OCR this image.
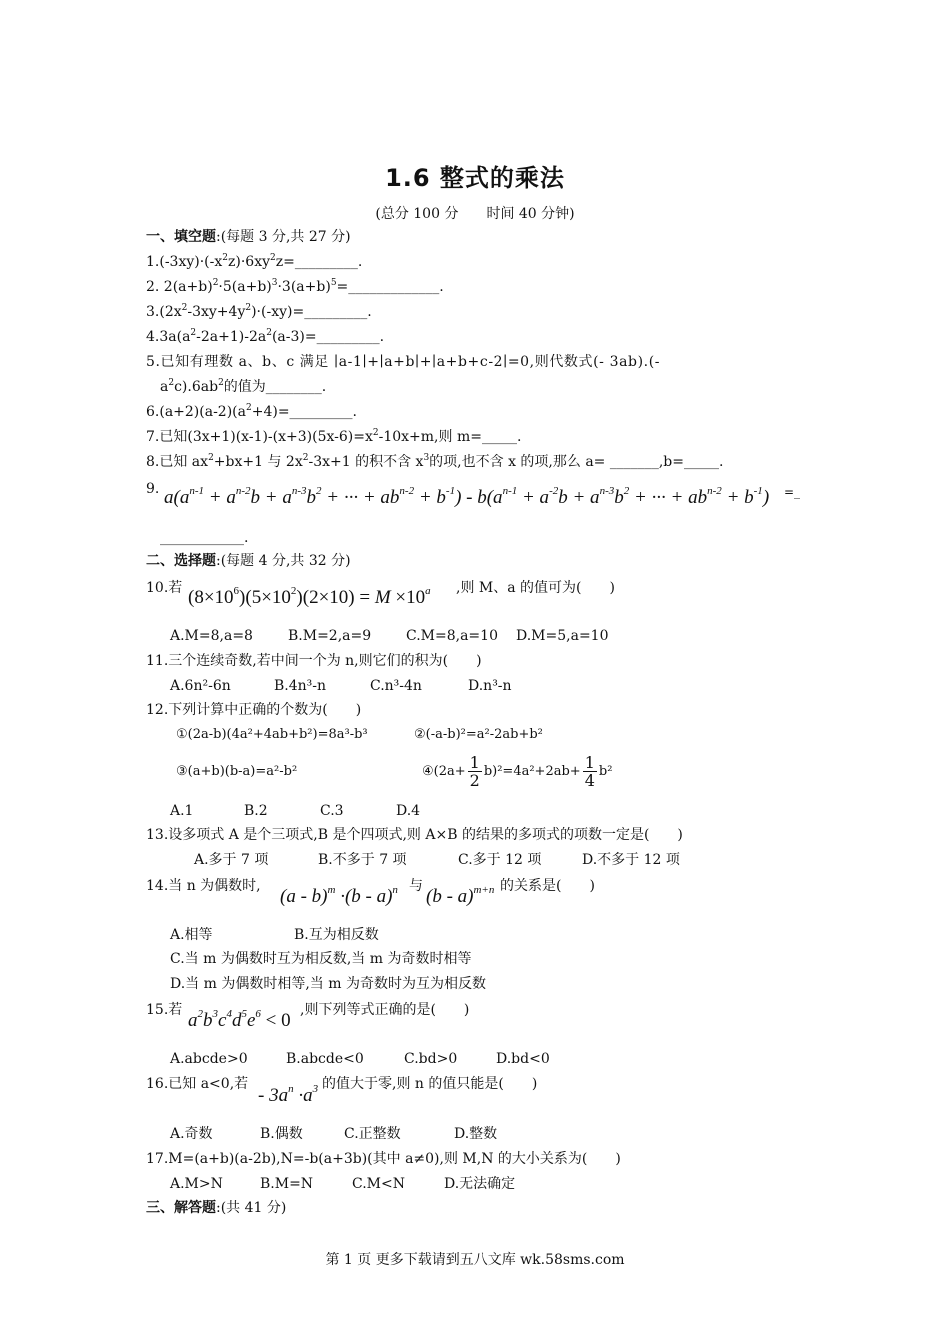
1.6 整式的乘法
(总分 100 分　　时间 40 分钟)
一、填空题:(每题 3 分,共 27 分)
$1.(-3xy)\cdot(-x^2z)\cdot 6xy^2z=\_\_\_\_\_\_\_\_\_$.
2. $2(a+b)^2\cdot 5(a+b)^3\cdot 3(a+b)^5=\_\_\_\_\_\_\_\_\_\_\_\_\_$.
$3.(2x^2-3xy+4y^2)\cdot(-xy)=\_\_\_\_\_\_\_\_\_$.
$4.3a(a^2-2a+1)-2a^2(a-3)=\_\_\_\_\_\_\_\_\_$.
5.已知有理数 a、b、c 满足 ∣a-1∣+∣a+b∣+∣a+b+c-2∣=0,则代数式(- 3ab).(-
$a^2c).6ab^2$的值为________.
$6.(a+2)(a-2)(a^2+4)=\_\_\_\_\_\_\_\_\_$.
7.已知$(3x+1)(x-1)-(x+3)(5x-6)=x^2-10x+m$,则 m=_____.
8.已知 $ax^2+bx+1$ 与 $2x^2-3x+1$ 的积不含 $x^3$的项,也不含 x 的项,那么 a= _______,b=_____.
9. $a(a^{n-1} + a^{n-2}b + a^{n-3}b^2$ + ··· + $ab^{n-2} + b^{-1}) - b(a^{n-1} + a^{-2}b + a^{n-3}b^2$ + ··· + $ab^{n-2} + b^{-1}$) =_
____________.
二、选择题:(每题 4 分,共 32 分)
10.若 $(8\times 10^6)(5\times 10^2)(2\times 10) = M \times 10^a$ ,则 M、a 的值可为(　　)
A.M=8,a=8	B.M=2,a=9 C.M=8,a=10 D.M=5,a=10
11.三个连续奇数,若中间一个为 n,则它们的积为(　　)
A.6n²-6n	B.4n³-n	C.n³-4n	D.n³-n
12.下列计算中正确的个数为(　　)
①(2a-b)(4a²+4ab+b²)=8a³-b³	②(-a-b)²=a²-2ab+b²
③(a+b)(b-a)=a²-b²	④(2a+ $\frac{1}{2} b)^2=4a^2+2ab+ \frac{1}{4} b^2$
A.1	B.2	C.3	D.4
13.设多项式 A 是个三项式,B 是个四项式,则 A×B 的结果的多项式的项数一定是(　　)
A.多于 7 项	B.不多于 7 项	C.多于 12 项	D.不多于 12 项
14.当 n 为偶数时, (a - b)$^m$ ·(b - a)$^n$ 与 (b - a)$^{m+n}$ 的关系是(　　)
A.相等	B.互为相反数
C.当 m 为偶数时互为相反数,当 m 为奇数时相等
D.当 m 为偶数时相等,当 m 为奇数时为互为相反数
15.若 $a^2b^3c^4d^5e^6 < 0$ ,则下列等式正确的是(　　)
A.abcde>0	B.abcde<0	C.bd>0	D.bd<0
16.已知 a<0,若
- $3a^n \cdot a^3$ 的值大于零,则 n 的值只能是(　　)
A.奇数	B.偶数	C.正整数	D.整数
17.M=(a+b)(a-2b),N=-b(a+3b)(其中 a≠0),则 M,N 的大小关系为(　　)
A.M>N	B.M=N	C.M<N	D.无法确定
三、解答题:(共 41 分)
第 1 页 更多下载请到五八文库 wk.58sms.com
